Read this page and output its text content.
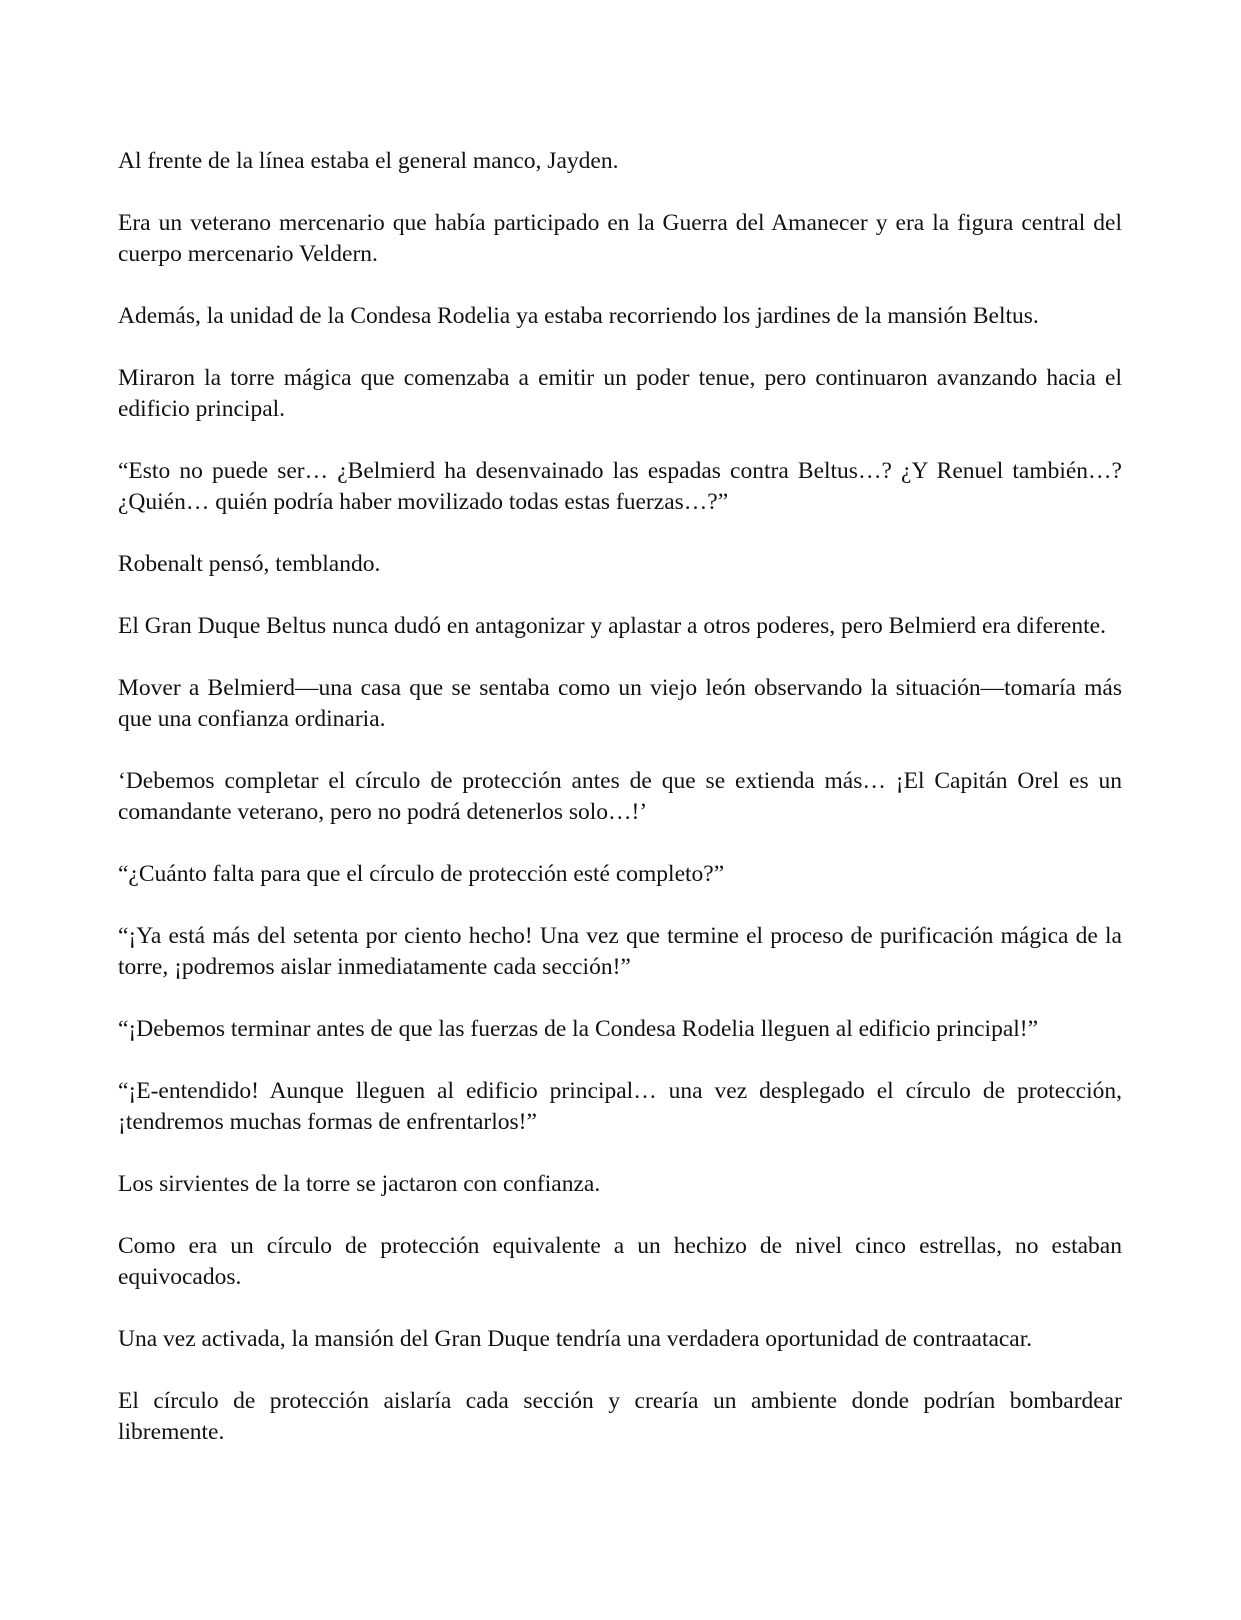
Al frente de la línea estaba el general manco, Jayden.

Era un veterano mercenario que había participado en la Guerra del Amanecer y era la figura central del cuerpo mercenario Veldern.

Además, la unidad de la Condesa Rodelia ya estaba recorriendo los jardines de la mansión Beltus.

Miraron la torre mágica que comenzaba a emitir un poder tenue, pero continuaron avanzando hacia el edificio principal.

“Esto no puede ser… ¿Belmierd ha desenvainado las espadas contra Beltus…? ¿Y Renuel también…? ¿Quién… quién podría haber movilizado todas estas fuerzas…?”

Robenalt pensó, temblando.

El Gran Duque Beltus nunca dudó en antagonizar y aplastar a otros poderes, pero Belmierd era diferente.

Mover a Belmierd—una casa que se sentaba como un viejo león observando la situación—tomaría más que una confianza ordinaria.

‘Debemos completar el círculo de protección antes de que se extienda más… ¡El Capitán Orel es un comandante veterano, pero no podrá detenerlos solo…!’

“¿Cuánto falta para que el círculo de protección esté completo?”

“¡Ya está más del setenta por ciento hecho! Una vez que termine el proceso de purificación mágica de la torre, ¡podremos aislar inmediatamente cada sección!”

“¡Debemos terminar antes de que las fuerzas de la Condesa Rodelia lleguen al edificio principal!”

“¡E-entendido! Aunque lleguen al edificio principal… una vez desplegado el círculo de protección, ¡tendremos muchas formas de enfrentarlos!”

Los sirvientes de la torre se jactaron con confianza.

Como era un círculo de protección equivalente a un hechizo de nivel cinco estrellas, no estaban equivocados.

Una vez activada, la mansión del Gran Duque tendría una verdadera oportunidad de contraatacar.

El círculo de protección aislaría cada sección y crearía un ambiente donde podrían bombardear libremente.
